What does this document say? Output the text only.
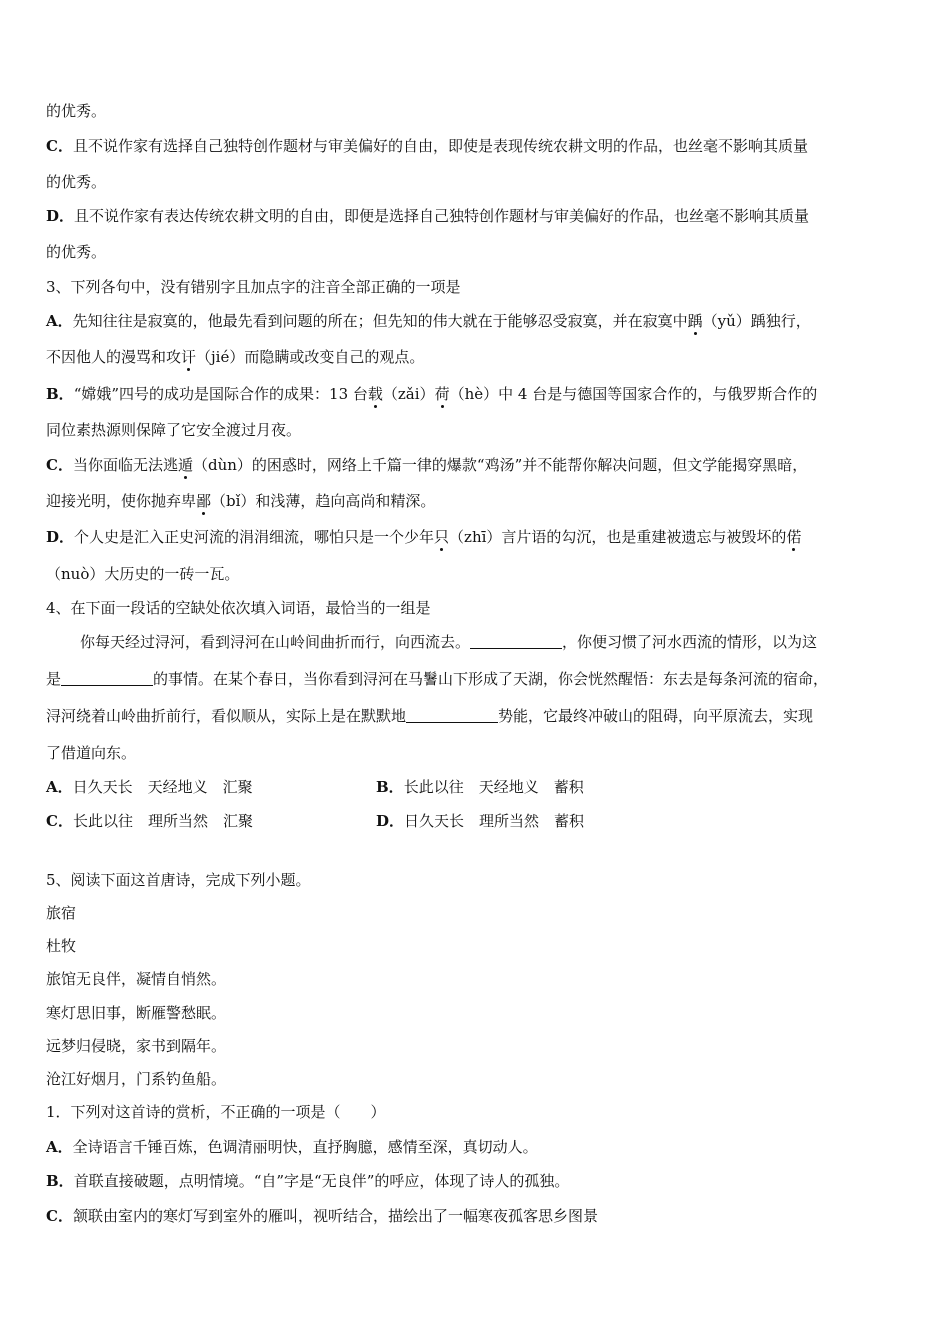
的优秀。
C．且不说作家有选择自己独特创作题材与审美偏好的自由，即使是表现传统农耕文明的作品，也丝毫不影响其质量
的优秀。
D．且不说作家有表达传统农耕文明的自由，即便是选择自己独特创作题材与审美偏好的作品，也丝毫不影响其质量
的优秀。
3、下列各句中，没有错别字且加点字的注音全部正确的一项是
A．先知往往是寂寞的，他最先看到问题的所在；但先知的伟大就在于能够忍受寂寞，并在寂寞中踽（yǔ）踽独行，
不因他人的漫骂和攻讦（jié）而隐瞒或改变自己的观点。
B．“嫦娥”四号的成功是国际合作的成果：13 台载（zǎi）荷（hè）中 4 台是与德国等国家合作的，与俄罗斯合作的
同位素热源则保障了它安全渡过月夜。
C．当你面临无法逃遁（dùn）的困惑时，网络上千篇一律的爆款“鸡汤”并不能帮你解决问题，但文学能揭穿黑暗，
迎接光明，使你抛弃卑鄙（bǐ）和浅薄，趋向高尚和精深。
D．个人史是汇入正史河流的涓涓细流，哪怕只是一个少年只（zhī）言片语的勾沉，也是重建被遗忘与被毁坏的偌
（nuò）大历史的一砖一瓦。
4、在下面一段话的空缺处依次填入词语，最恰当的一组是
你每天经过浔河，看到浔河在山岭间曲折而行，向西流去。	，你便习惯了河水西流的情形，以为这
是	的事情。在某个春日，当你看到浔河在马鬐山下形成了天湖，你会恍然醒悟：东去是每条河流的宿命，
浔河绕着山岭曲折前行，看似顺从，实际上是在默默地	势能，它最终冲破山的阻碍，向平原流去，实现
了借道向东。
A．日久天长　天经地义　汇聚	B．长此以往　天经地义　蓄积
C．长此以往　理所当然　汇聚	D．日久天长　理所当然　蓄积
5、阅读下面这首唐诗，完成下列小题。
旅宿
杜牧
旅馆无良伴，凝情自悄然。
寒灯思旧事，断雁警愁眠。
远梦归侵晓，家书到隔年。
沧江好烟月，门系钓鱼船。
1．下列对这首诗的赏析，不正确的一项是（　　）
A．全诗语言千锤百炼，色调清丽明快，直抒胸臆，感情至深，真切动人。
B．首联直接破题，点明情境。“自”字是“无良伴”的呼应，体现了诗人的孤独。
C．颔联由室内的寒灯写到室外的雁叫，视听结合，描绘出了一幅寒夜孤客思乡图景
